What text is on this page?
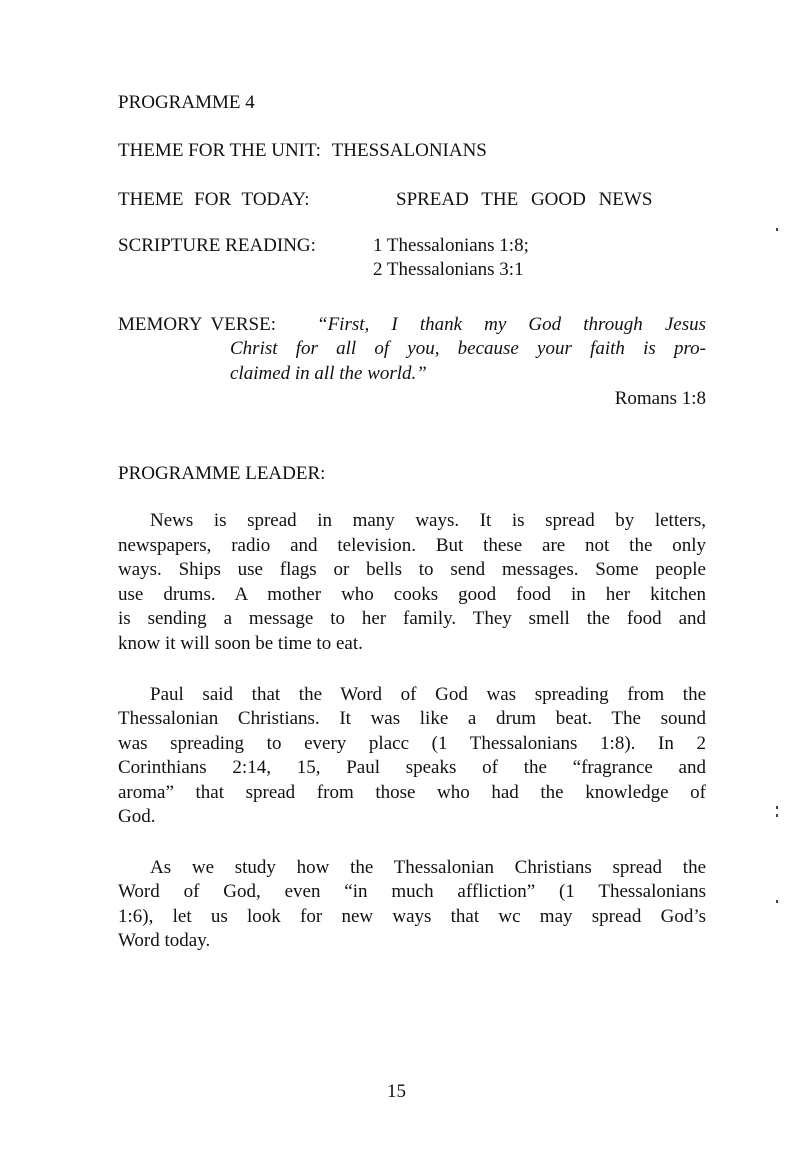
PROGRAMME 4
THEME FOR THE UNIT: THESSALONIANS
THEME FOR TODAY:	SPREAD THE GOOD NEWS
SCRIPTURE READING:	1 Thessalonians 1:8;
2 Thessalonians 3:1
MEMORY VERSE: “First, I thank my God through Jesus
Christ for all of you, because your faith is pro-
claimed in all the world.”
Romans 1:8
PROGRAMME LEADER:
News is spread in many ways. It is spread by letters,
newspapers, radio and television. But these are not the only
ways. Ships use flags or bells to send messages. Some people
use drums. A mother who cooks good food in her kitchen
is sending a message to her family. They smell the food and
know it will soon be time to eat.
Paul said that the Word of God was spreading from the
Thessalonian Christians. It was like a drum beat. The sound
was spreading to every placc (1 Thessalonians 1:8). In 2
Corinthians 2:14, 15, Paul speaks of the “fragrance and
aroma” that spread from those who had the knowledge of
God.
As we study how the Thessalonian Christians spread the
Word of God, even “in much affliction” (1 Thessalonians
1:6), let us look for new ways that wc may spread God’s
Word today.
15
